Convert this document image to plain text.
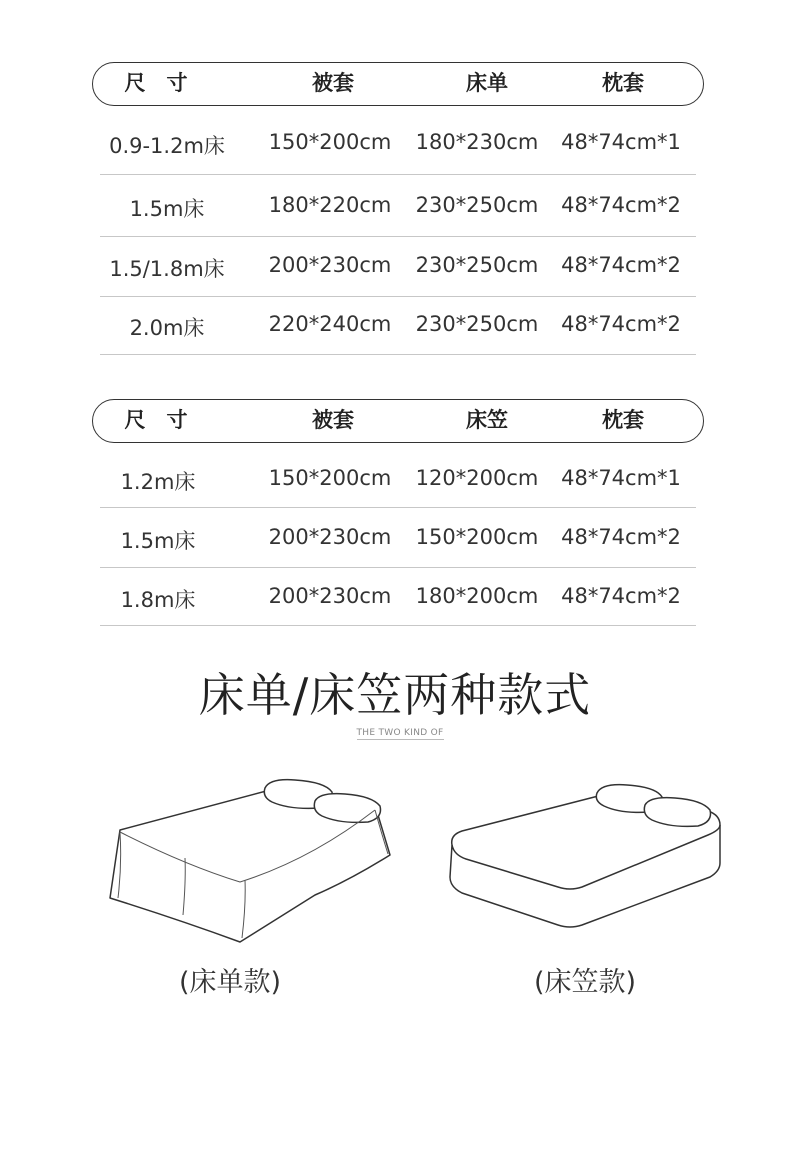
尺　寸	被套	床单	枕套
0.9-1.2m床	150*200cm 180*230cm 48*74cm*1
1.5m床	180*220cm 230*250cm 48*74cm*2
1.5/1.8m床	200*230cm 230*250cm 48*74cm*2
2.0m床	220*240cm 230*250cm 48*74cm*2
尺　寸	被套	床笠	枕套
1.2m床	150*200cm 120*200cm 48*74cm*1
1.5m床	200*230cm 150*200cm 48*74cm*2
1.8m床	200*230cm 180*200cm 48*74cm*2
床单/床笠两种款式
THE TWO KIND OF
(床单款)	(床笠款)
